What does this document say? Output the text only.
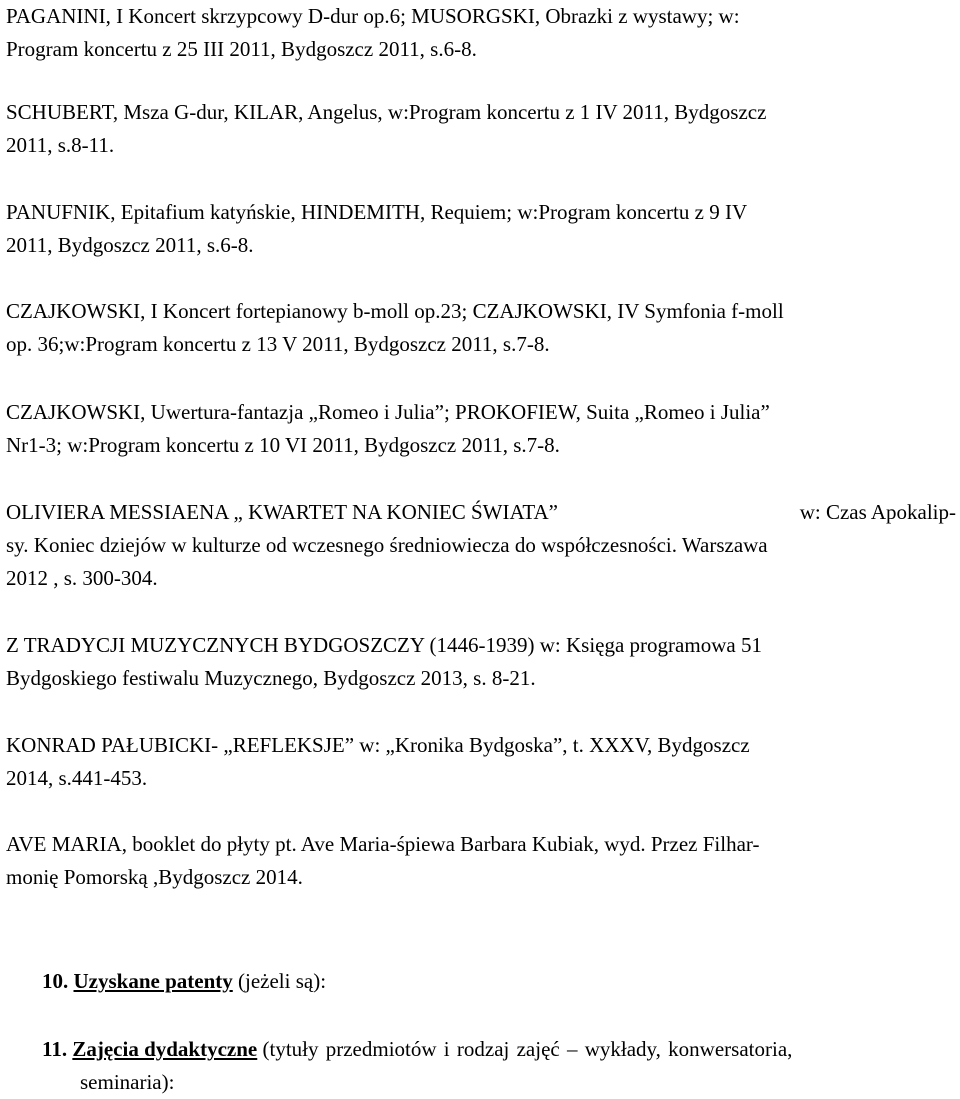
PAGANINI, I Koncert skrzypcowy D-dur op.6; MUSORGSKI, Obrazki z wystawy; w:
Program koncertu z 25 III 2011, Bydgoszcz 2011, s.6-8.

SCHUBERT, Msza G-dur, KILAR, Angelus, w:Program koncertu z 1 IV 2011, Bydgoszcz
2011, s.8-11.

PANUFNIK, Epitafium katyńskie, HINDEMITH, Requiem; w:Program koncertu z 9 IV
2011, Bydgoszcz 2011, s.6-8.

CZAJKOWSKI, I Koncert fortepianowy b-moll op.23; CZAJKOWSKI, IV Symfonia f-moll
op. 36;w:Program koncertu z 13 V 2011, Bydgoszcz 2011, s.7-8.

CZAJKOWSKI, Uwertura-fantazja „Romeo i Julia”; PROKOFIEW, Suita „Romeo i Julia”
Nr1-3; w:Program koncertu z 10 VI 2011, Bydgoszcz 2011, s.7-8.

OLIVIERA MESSIAENA „ KWARTET NA KONIEC ŚWIATA”	w: Czas Apokalip-
sy. Koniec dziejów w kulturze od wczesnego średniowiecza do współczesności. Warszawa
2012 , s. 300-304.

Z TRADYCJI MUZYCZNYCH BYDGOSZCZY (1446-1939) w: Księga programowa 51
Bydgoskiego festiwalu Muzycznego, Bydgoszcz 2013, s. 8-21.

KONRAD PAŁUBICKI- „REFLEKSJE” w: „Kronika Bydgoska”, t. XXXV, Bydgoszcz
2014, s.441-453.

AVE MARIA, booklet do płyty pt. Ave Maria-śpiewa Barbara Kubiak, wyd. Przez Filhar-
monię Pomorską ,Bydgoszcz 2014.

10. Uzyskane patenty (jeżeli są):

11. Zajęcia dydaktyczne (tytuły przedmiotów i rodzaj zajęć – wykłady, konwersatoria,

seminaria):
